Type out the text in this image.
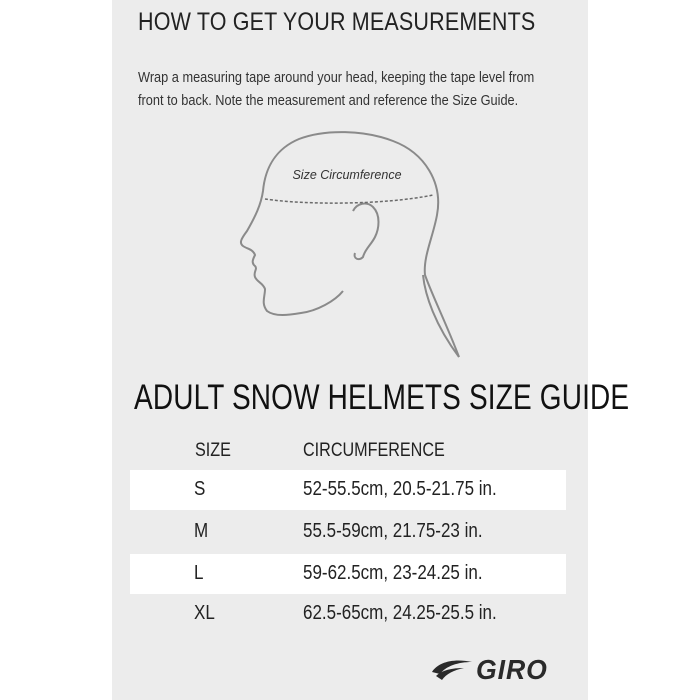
HOW TO GET YOUR MEASUREMENTS
Wrap a measuring tape around your head, keeping the tape level from front to back. Note the measurement and reference the Size Guide.
Size Circumference
ADULT SNOW HELMETS SIZE GUIDE
SIZE	CIRCUMFERENCE
S	52-55.5cm, 20.5-21.75 in.
M	55.5-59cm, 21.75-23 in.
L	59-62.5cm, 23-24.25 in.
XL	62.5-65cm, 24.25-25.5 in.
GIRO
